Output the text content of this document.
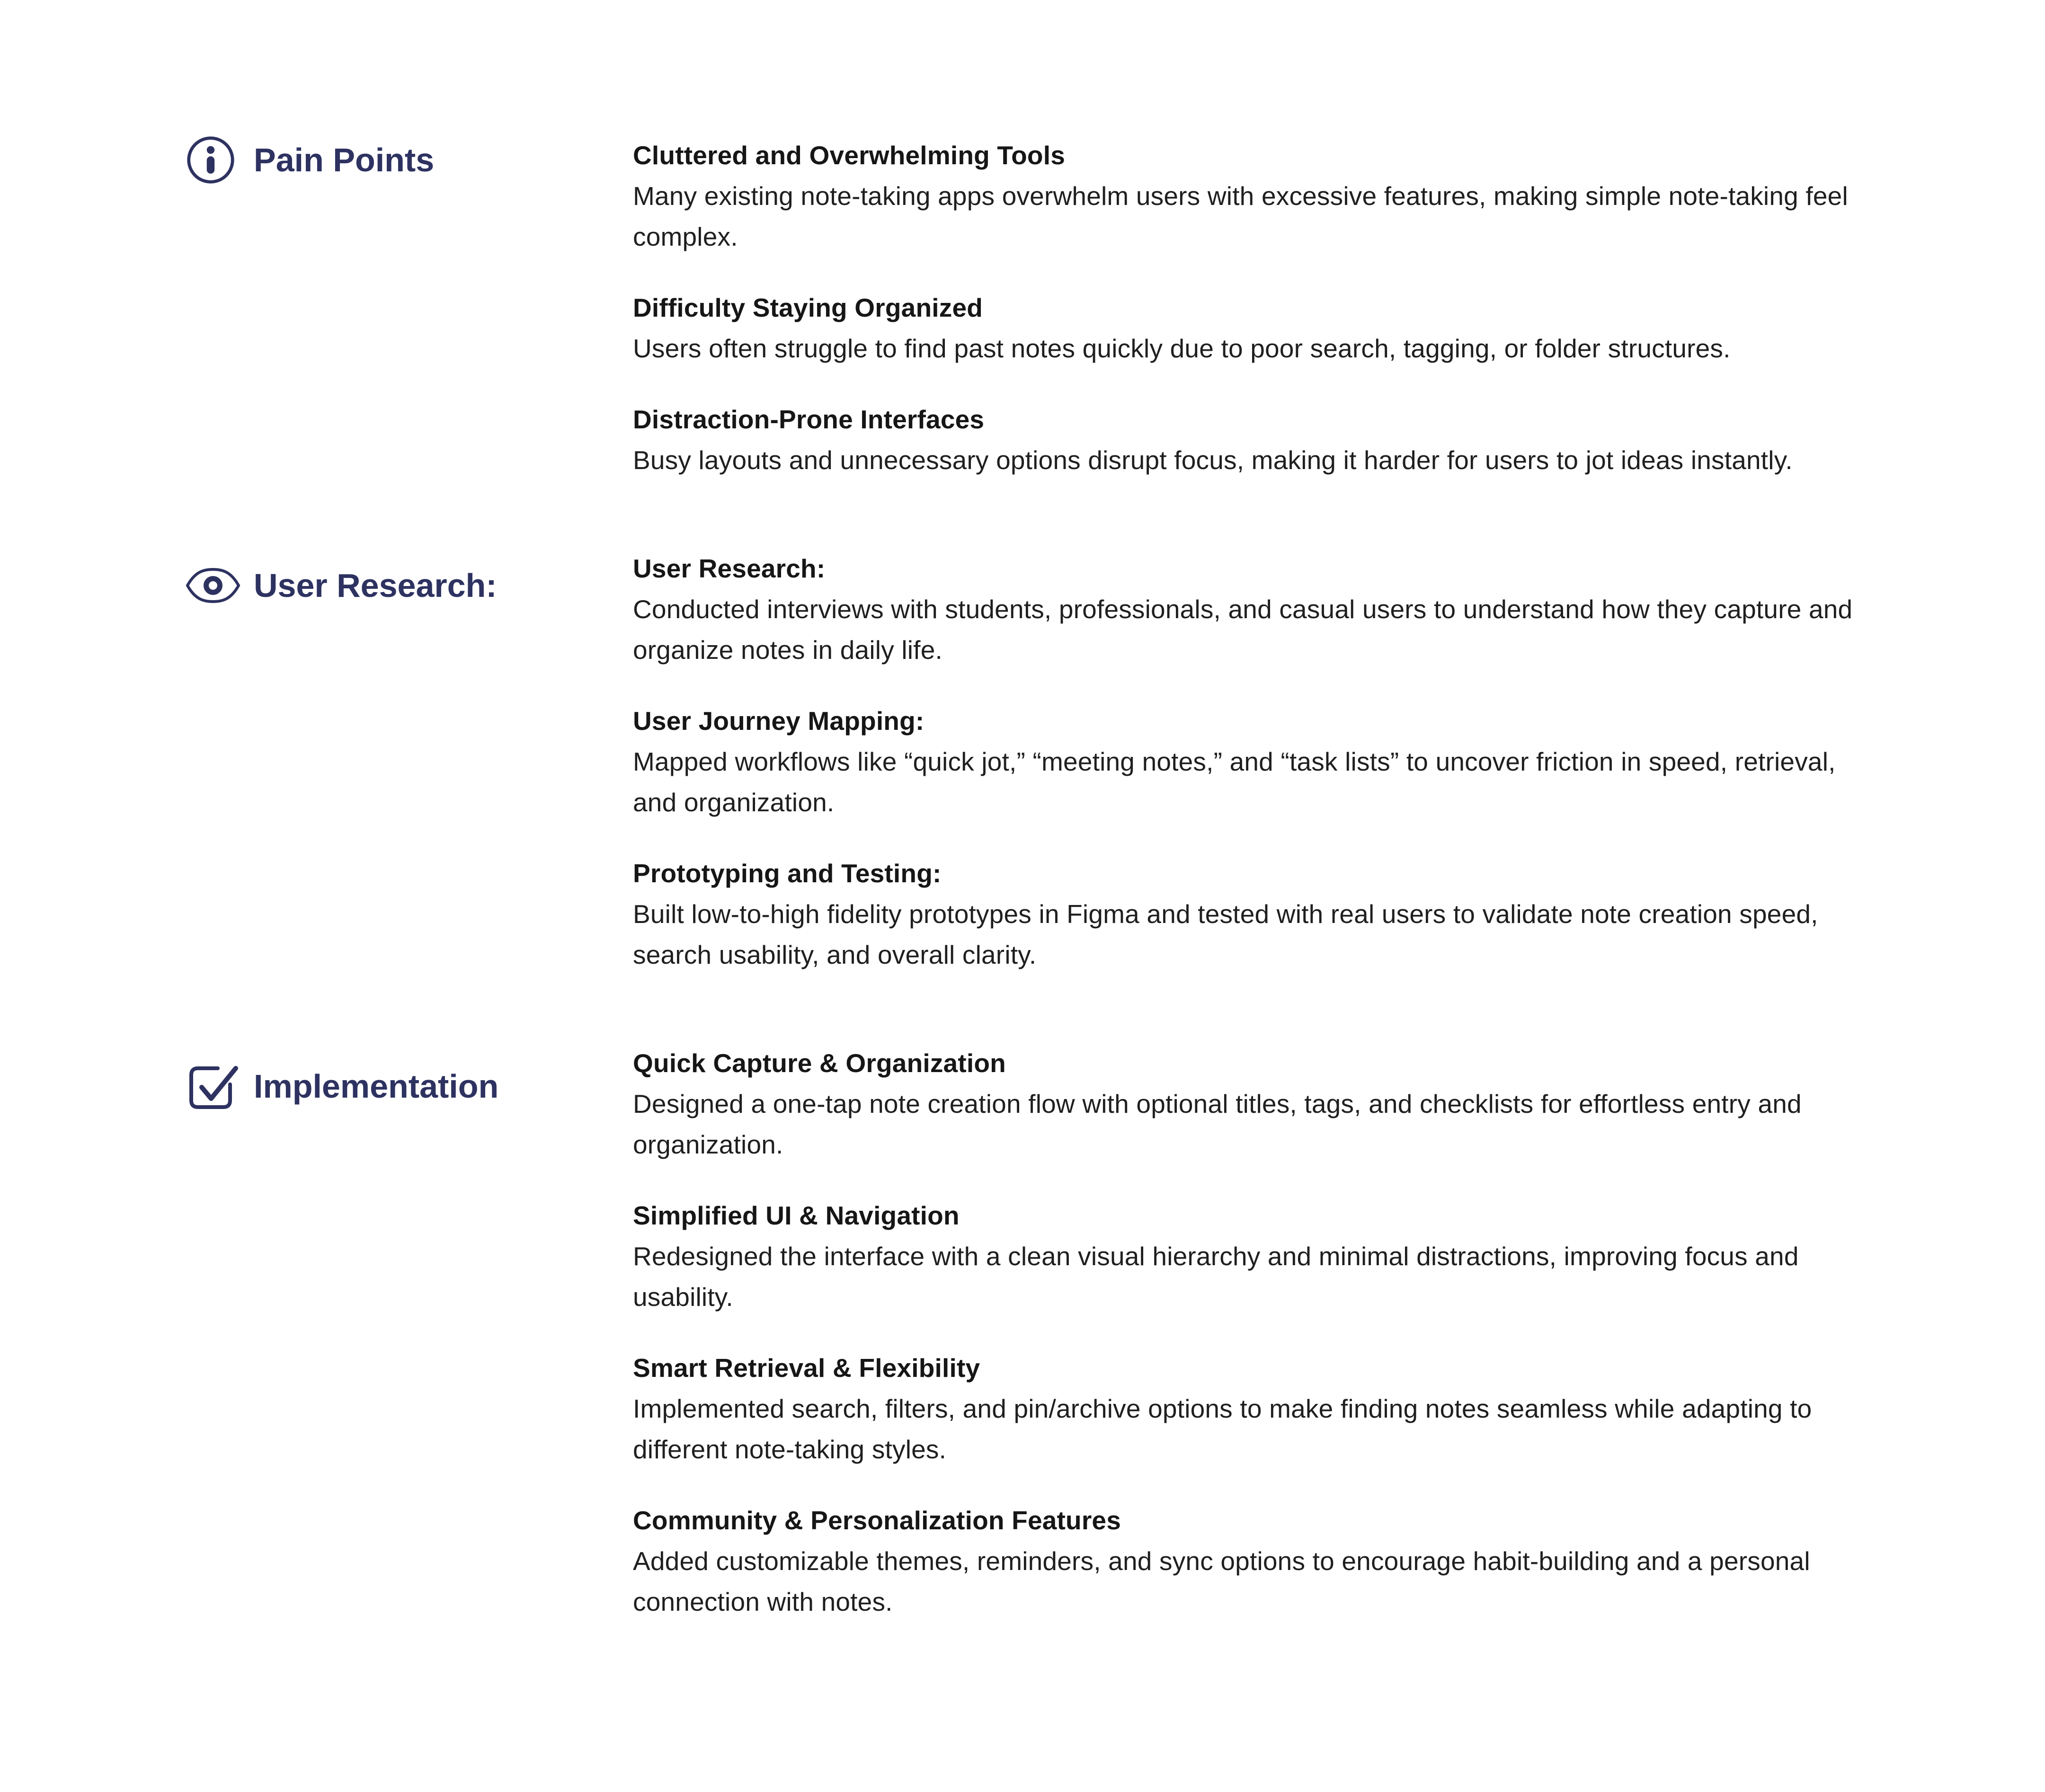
Pain Points	Cluttered and Overwhelming Tools

Many existing note-taking apps overwhelm users with excessive features, making simple note-taking feel complex.

Difficulty Staying Organized

Users often struggle to find past notes quickly due to poor search, tagging, or folder structures.

Distraction-Prone Interfaces

Busy layouts and unnecessary options disrupt focus, making it harder for users to jot ideas instantly.

User Research:	User Research:

Conducted interviews with students, professionals, and casual users to understand how they capture and organize notes in daily life.

User Journey Mapping:

Mapped workflows like “quick jot,” “meeting notes,” and “task lists” to uncover friction in speed, retrieval, and organization.

Prototyping and Testing:

Built low-to-high fidelity prototypes in Figma and tested with real users to validate note creation speed, search usability, and overall clarity.

Implementation
Quick Capture & Organization

Designed a one-tap note creation flow with optional titles, tags, and checklists for effortless entry and organization.

Simplified UI & Navigation

Redesigned the interface with a clean visual hierarchy and minimal distractions, improving focus and usability.

Smart Retrieval & Flexibility

Implemented search, filters, and pin/archive options to make finding notes seamless while adapting to different note-taking styles.

Community & Personalization Features

Added customizable themes, reminders, and sync options to encourage habit-building and a personal connection with notes.
